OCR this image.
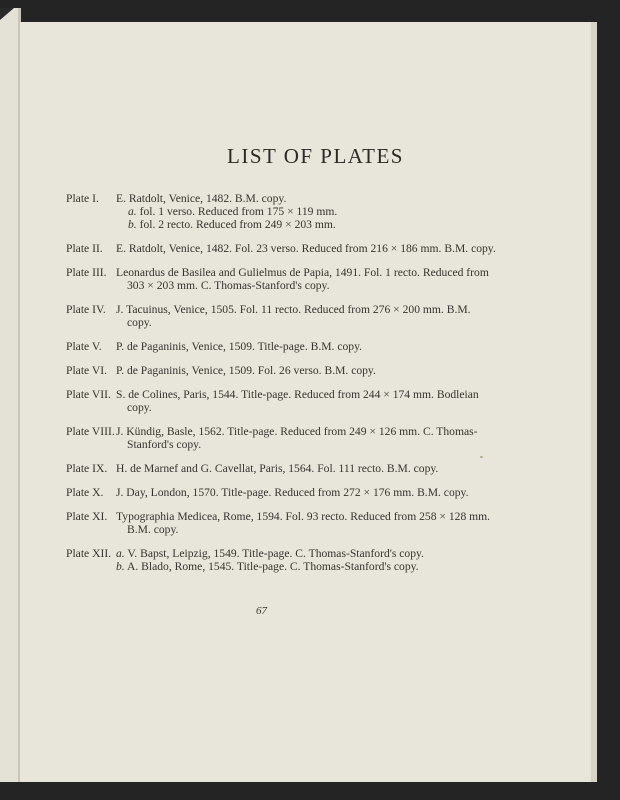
LIST OF PLATES
Plate I.	E. Ratdolt, Venice, 1482. B.M. copy.
a. fol. 1 verso. Reduced from 175 × 119 mm.
b. fol. 2 recto. Reduced from 249 × 203 mm.
Plate II.	E. Ratdolt, Venice, 1482. Fol. 23 verso. Reduced from 216 × 186 mm. B.M. copy.
Plate III. Leonardus de Basilea and Gulielmus de Papia, 1491. Fol. 1 recto. Reduced from 303 × 203 mm. C. Thomas-Stanford's copy.
Plate IV. J. Tacuinus, Venice, 1505. Fol. 11 recto. Reduced from 276 × 200 mm. B.M. copy.
Plate V.	P. de Paganinis, Venice, 1509. Title-page. B.M. copy.
Plate VI. P. de Paganinis, Venice, 1509. Fol. 26 verso. B.M. copy.
Plate VII. S. de Colines, Paris, 1544. Title-page. Reduced from 244 × 174 mm. Bodleian copy.
Plate VIII. J. Kündig, Basle, 1562. Title-page. Reduced from 249 × 126 mm. C. Thomas-Stanford's copy.
Plate IX. H. de Marnef and G. Cavellat, Paris, 1564. Fol. 111 recto. B.M. copy.
Plate X.	J. Day, London, 1570. Title-page. Reduced from 272 × 176 mm. B.M. copy.
Plate XI. Typographia Medicea, Rome, 1594. Fol. 93 recto. Reduced from 258 × 128 mm. B.M. copy.
Plate XII. a. V. Bapst, Leipzig, 1549. Title-page. C. Thomas-Stanford's copy.
b. A. Blado, Rome, 1545. Title-page. C. Thomas-Stanford's copy.
67
